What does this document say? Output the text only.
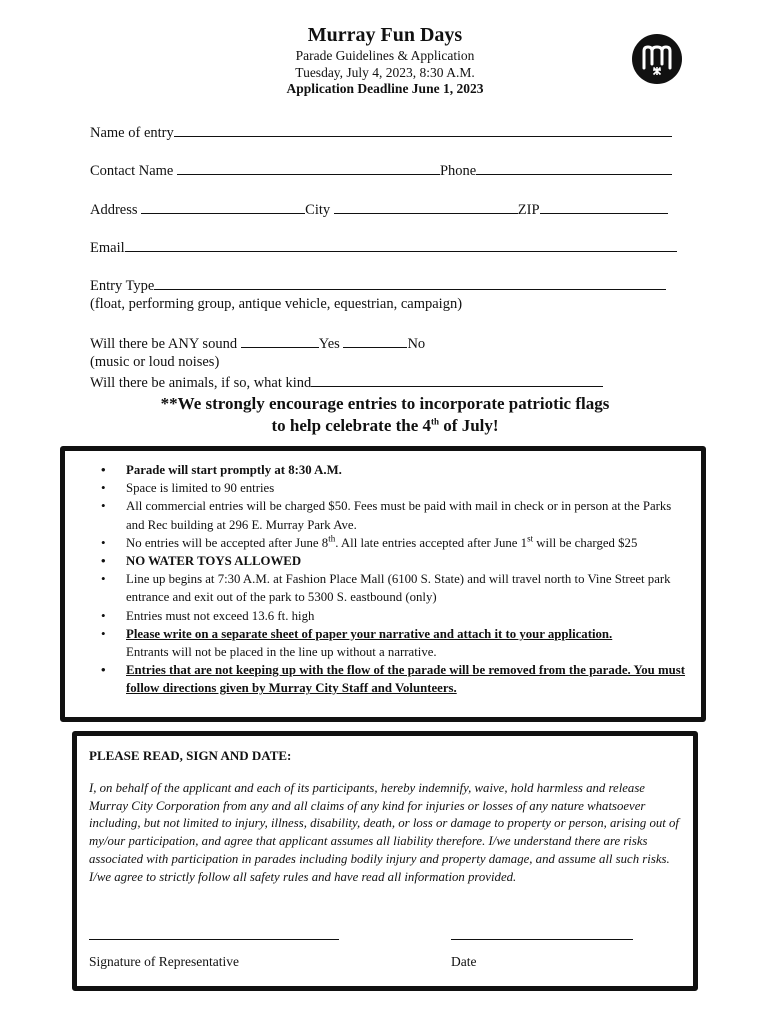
Murray Fun Days
Parade Guidelines & Application
Tuesday, July 4, 2023, 8:30 A.M.
Application Deadline June 1, 2023
Name of entry
Contact Name	Phone
Address	City	ZIP
Email
Entry Type
(float, performing group, antique vehicle, equestrian, campaign)
Will there be ANY sound	Yes	No
(music or loud noises)
Will there be animals, if so, what kind
**We strongly encourage entries to incorporate patriotic flags
to help celebrate the 4th of July!
• Parade will start promptly at 8:30 A.M.
• Space is limited to 90 entries
• All commercial entries will be charged $50. Fees must be paid with mail in check or in person at the Parks and Rec building at 296 E. Murray Park Ave.
• No entries will be accepted after June 8th. All late entries accepted after June 1st will be charged $25
• NO WATER TOYS ALLOWED
• Line up begins at 7:30 A.M. at Fashion Place Mall (6100 S. State) and will travel north to Vine Street park entrance and exit out of the park to 5300 S. eastbound (only)
• Entries must not exceed 13.6 ft. high
• Please write on a separate sheet of paper your narrative and attach it to your application.
Entrants will not be placed in the line up without a narrative.
• Entries that are not keeping up with the flow of the parade will be removed from the parade. You must follow directions given by Murray City Staff and Volunteers.
PLEASE READ, SIGN AND DATE:

I, on behalf of the applicant and each of its participants, hereby indemnify, waive, hold harmless and release Murray City Corporation from any and all claims of any kind for injuries or losses of any nature whatsoever including, but not limited to injury, illness, disability, death, or loss or damage to property or person, arising out of my/our participation, and agree that applicant assumes all liability therefore. I/we understand there are risks associated with participation in parades including bodily injury and property damage, and assume all such risks. I/we agree to strictly follow all safety rules and have read all information provided.

Signature of Representative	Date
